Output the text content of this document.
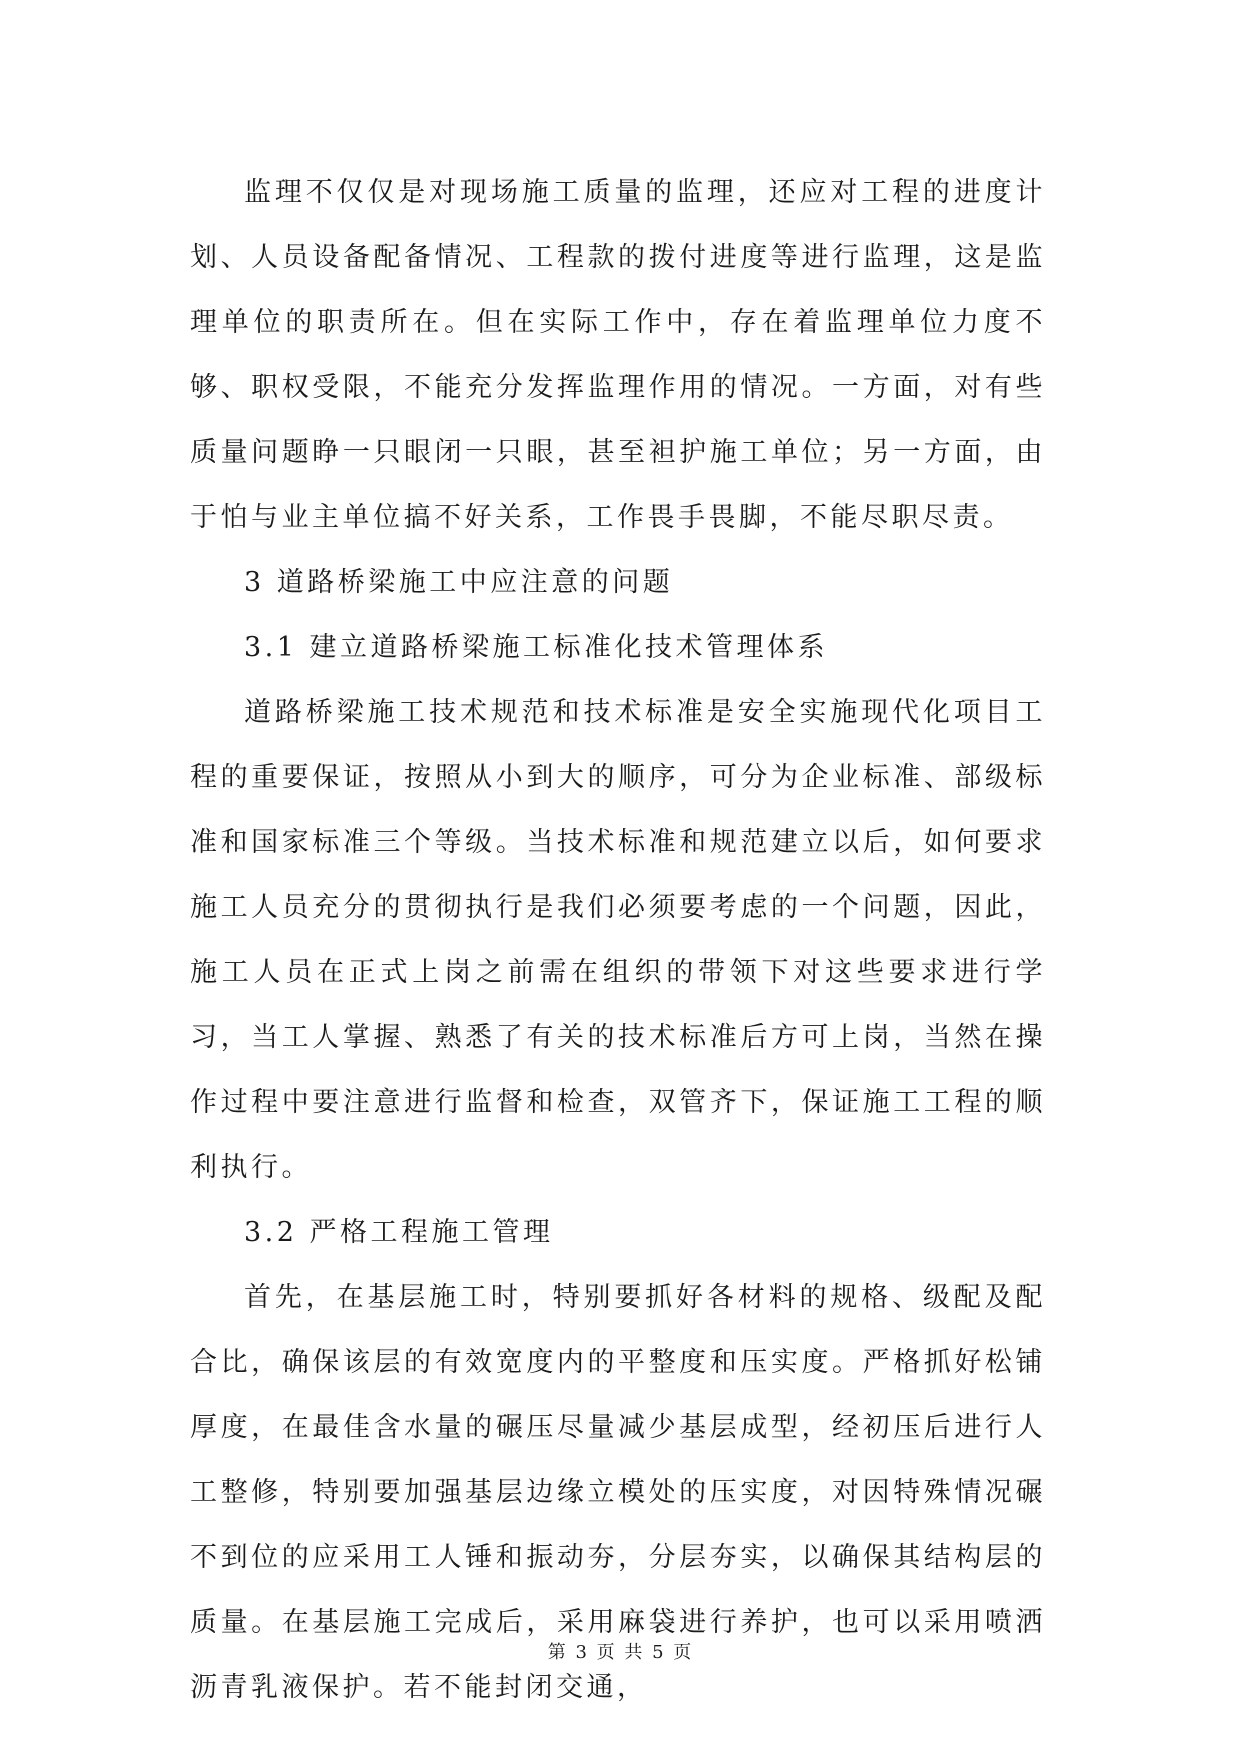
监理不仅仅是对现场施工质量的监理，还应对工程的进度计划、人员设备配备情况、工程款的拨付进度等进行监理，这是监理单位的职责所在。但在实际工作中，存在着监理单位力度不够、职权受限，不能充分发挥监理作用的情况。一方面，对有些质量问题睁一只眼闭一只眼，甚至袒护施工单位；另一方面，由于怕与业主单位搞不好关系，工作畏手畏脚，不能尽职尽责。

3 道路桥梁施工中应注意的问题

3.1 建立道路桥梁施工标准化技术管理体系

道路桥梁施工技术规范和技术标准是安全实施现代化项目工程的重要保证，按照从小到大的顺序，可分为企业标准、部级标准和国家标准三个等级。当技术标准和规范建立以后，如何要求施工人员充分的贯彻执行是我们必须要考虑的一个问题，因此，施工人员在正式上岗之前需在组织的带领下对这些要求进行学习，当工人掌握、熟悉了有关的技术标准后方可上岗，当然在操作过程中要注意进行监督和检查，双管齐下，保证施工工程的顺利执行。

3.2 严格工程施工管理

首先，在基层施工时，特别要抓好各材料的规格、级配及配合比，确保该层的有效宽度内的平整度和压实度。严格抓好松铺厚度，在最佳含水量的碾压尽量减少基层成型，经初压后进行人工整修，特别要加强基层边缘立模处的压实度，对因特殊情况碾不到位的应采用工人锤和振动夯，分层夯实，以确保其结构层的质量。在基层施工完成后，采用麻袋进行养护，也可以采用喷洒沥青乳液保护。若不能封闭交通，

第 3 页 共 5 页
